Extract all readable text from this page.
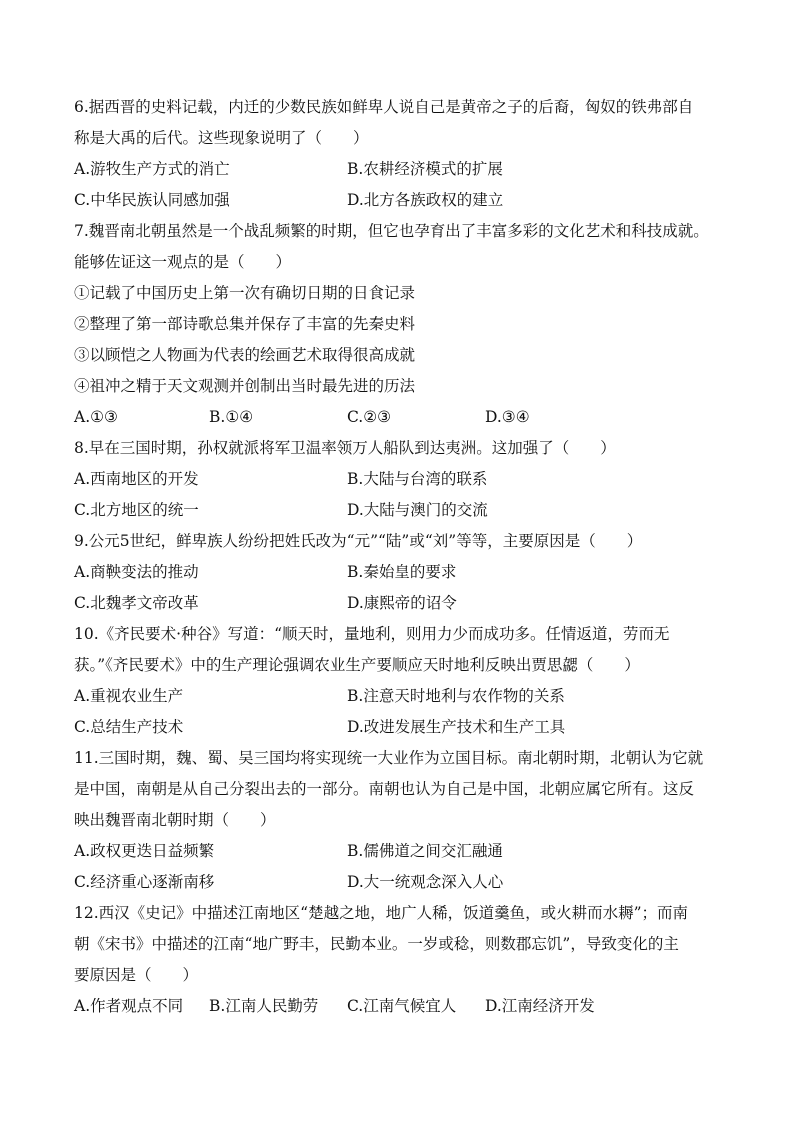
6.据西晋的史料记载，内迁的少数民族如鲜卑人说自己是黄帝之子的后裔，匈奴的铁弗部自
称是大禹的后代。这些现象说明了（　　）
A.游牧生产方式的消亡	B.农耕经济模式的扩展
C.中华民族认同感加强	D.北方各族政权的建立
7.魏晋南北朝虽然是一个战乱频繁的时期，但它也孕育出了丰富多彩的文化艺术和科技成就。
能够佐证这一观点的是（　　）
①记载了中国历史上第一次有确切日期的日食记录
②整理了第一部诗歌总集并保存了丰富的先秦史料
③以顾恺之人物画为代表的绘画艺术取得很高成就
④祖冲之精于天文观测并创制出当时最先进的历法
A.①③	B.①④	C.②③	D.③④
8.早在三国时期，孙权就派将军卫温率领万人船队到达夷洲。这加强了（　　）
A.西南地区的开发	B.大陆与台湾的联系
C.北方地区的统一	D.大陆与澳门的交流
9.公元5世纪，鲜卑族人纷纷把姓氏改为“元”“陆”或“刘”等等，主要原因是（　　）
A.商鞅变法的推动	B.秦始皇的要求
C.北魏孝文帝改革	D.康熙帝的诏令
10.《齐民要术·种谷》写道：“顺天时，量地利，则用力少而成功多。任情返道，劳而无
获。”《齐民要术》中的生产理论强调农业生产要顺应天时地利反映出贾思勰（　　）
A.重视农业生产	B.注意天时地利与农作物的关系
C.总结生产技术	D.改进发展生产技术和生产工具
11.三国时期，魏、蜀、吴三国均将实现统一大业作为立国目标。南北朝时期，北朝认为它就
是中国，南朝是从自己分裂出去的一部分。南朝也认为自己是中国，北朝应属它所有。这反
映出魏晋南北朝时期（　　）
A.政权更迭日益频繁	B.儒佛道之间交汇融通
C.经济重心逐渐南移	D.大一统观念深入人心
12.西汉《史记》中描述江南地区“楚越之地，地广人稀，饭道羹鱼，或火耕而水耨”；而南
朝《宋书》中描述的江南“地广野丰，民勤本业。一岁或稔，则数郡忘饥”，导致变化的主
要原因是（　　）
A.作者观点不同 B.江南人民勤劳 C.江南气候宜人 D.江南经济开发
